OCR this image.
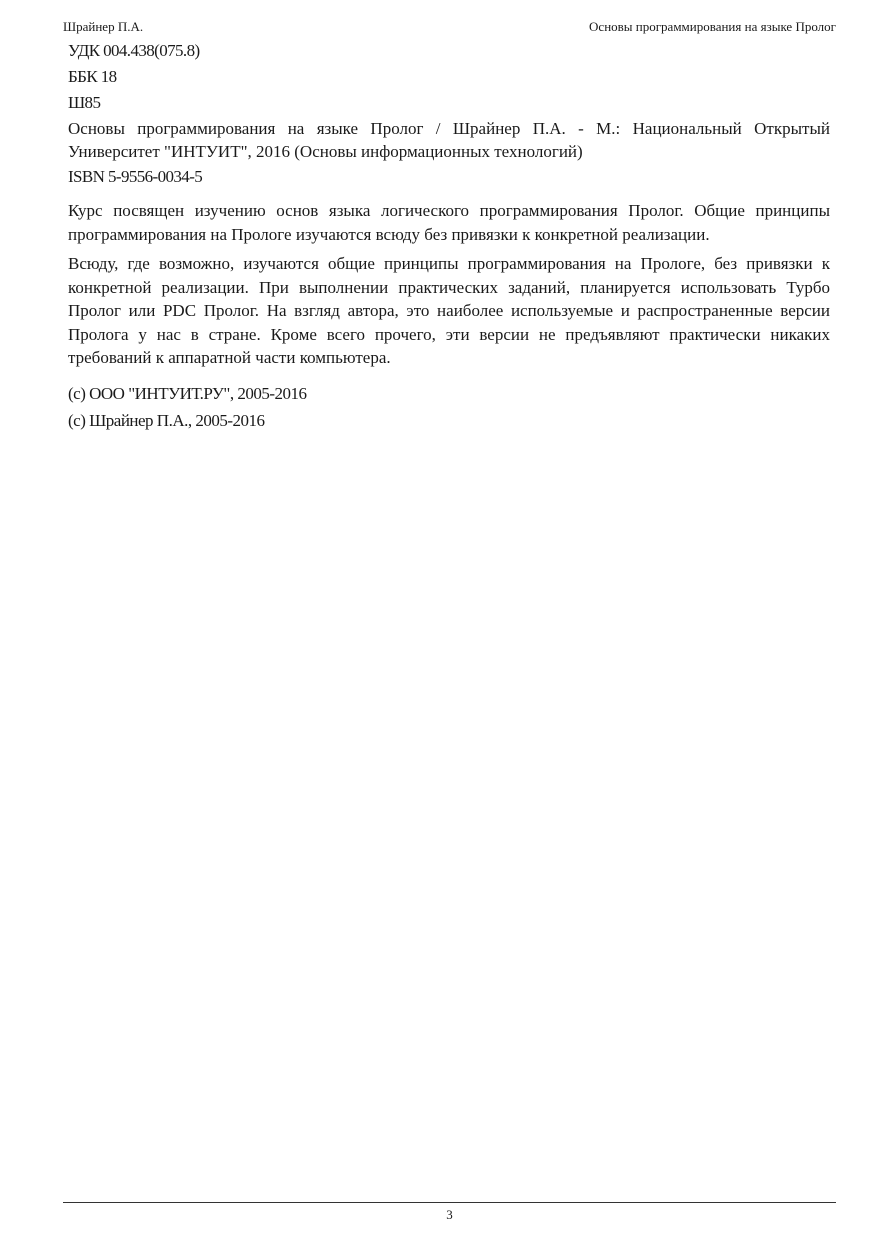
Шрайнер П.А.	Основы программирования на языке Пролог
УДК 004.438(075.8)
ББК 18
Ш85
Основы программирования на языке Пролог / Шрайнер П.А. - М.: Национальный Открытый Университет "ИНТУИТ", 2016 (Основы информационных технологий)
ISBN 5-9556-0034-5

Курс посвящен изучению основ языка логического программирования Пролог. Общие принципы программирования на Прологе изучаются всюду без привязки к конкретной реализации.

Всюду, где возможно, изучаются общие принципы программирования на Прологе, без привязки к конкретной реализации. При выполнении практических заданий, планируется использовать Турбо Пролог или PDC Пролог. На взгляд автора, это наиболее используемые и распространенные версии Пролога у нас в стране. Кроме всего прочего, эти версии не предъявляют практически никаких требований к аппаратной части компьютера.

(c) ООО "ИНТУИТ.РУ", 2005-2016
(c) Шрайнер П.А., 2005-2016
3
